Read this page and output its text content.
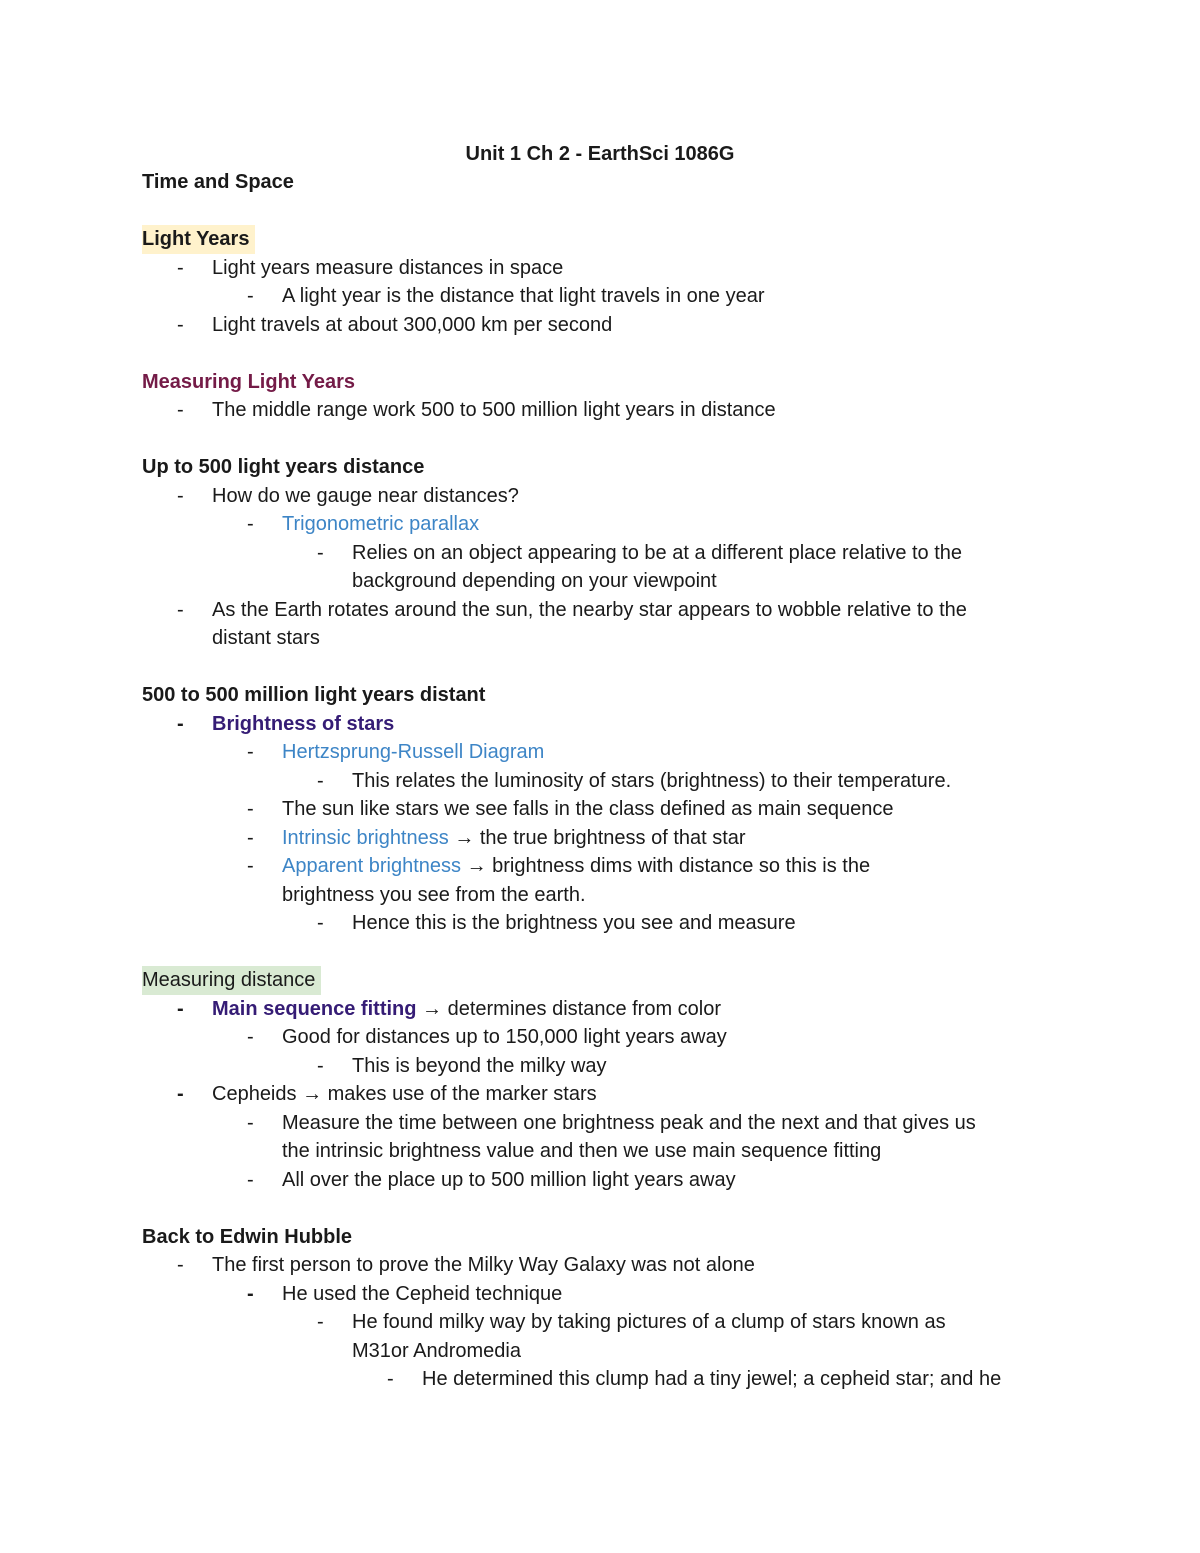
Unit 1 Ch 2 - EarthSci 1086G
Time and Space
Light Years
-	Light years measure distances in space
-	A light year is the distance that light travels in one year
-	Light travels at about 300,000 km per second
Measuring Light Years
-	The middle range work 500 to 500 million light years in distance
Up to 500 light years distance
-	How do we gauge near distances?
-	Trigonometric parallax
-	Relies on an object appearing to be at a different place relative to the
background depending on your viewpoint
-	As the Earth rotates around the sun, the nearby star appears to wobble relative to the
distant stars
500 to 500 million light years distant
-	Brightness of stars
-	Hertzsprung-Russell Diagram
-	This relates the luminosity of stars (brightness) to their temperature.
-	The sun like stars we see falls in the class defined as main sequence
-	Intrinsic brightness → the true brightness of that star
-	Apparent brightness → brightness dims with distance so this is the
brightness you see from the earth.
-	Hence this is the brightness you see and measure
Measuring distance
-	Main sequence fitting → determines distance from color
-	Good for distances up to 150,000 light years away
-	This is beyond the milky way
-	Cepheids → makes use of the marker stars
-	Measure the time between one brightness peak and the next and that gives us
the intrinsic brightness value and then we use main sequence fitting
-	All over the place up to 500 million light years away
Back to Edwin Hubble
-	The first person to prove the Milky Way Galaxy was not alone
-	He used the Cepheid technique
-	He found milky way by taking pictures of a clump of stars known as
M31or Andromedia
-	He determined this clump had a tiny jewel; a cepheid star; and he
